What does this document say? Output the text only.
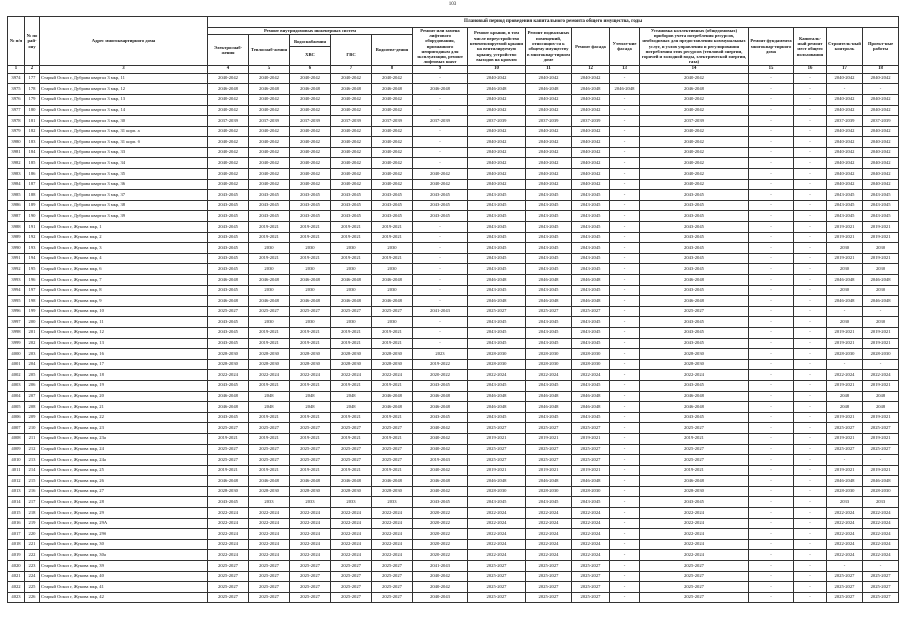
103
№ п/п	№ по рай-ону	Адрес многоквартирного дома	Плановый период проведения капитального ремонта общего имущества, годы														
			Ремонт внутридомовых инженерных систем					Ремонт или замена лифтового оборудования, признанного непригодным для эксплуатации, ремонт лифтовых шахт	Ремонт крыши, в том числе переустройство невентилируемой крыши на вентилируемую крышу, устройство выходов на кровлю	Ремонт подвальных помещений, относящих-ся к общему имуществу в многоквар-тирном доме	Ремонт фасада	Утепле-ние фасада	Установка коллективных (общедомовых) приборов учета потребления ресурсов, необходимых для предоставления коммунальных услуг, и узлов управления и регулирования потребления этих ресурсов (тепловой энергии, горячей и холодной воды, электрической энергии, газа)	Ремонт фундамента многоквар-тирного дома	Капиталь-ный ремонт мест общего пользования	Строитель-ный контроль	Проект-ные работы
			Электроснаб-жения	Теплоснаб-жения	Водоснабжения
ХВС	ГВС	Водоотве-дения										
1	2	3	4	5	6	7	8	9	10	11	12	13	14	15	16	17	18
3974	177	Старый Оскол г, Дубрава квартал 3 мкр, 11	2040-2042	2040-2042	2040-2042	2040-2042	2040-2042	-	2040-2042	2040-2042	2040-2042	-	2040-2042	-	-	2040-2042	2040-2042
3975	178	Старый Оскол г, Дубрава квартал 3 мкр, 12	2046-2048	2046-2048	2046-2048	2046-2048	2046-2048	2046-2048	2046-2048	2046-2048	2046-2048	2046-2048	2046-2048	-	-	-	-
3976	179	Старый Оскол г, Дубрава квартал 3 мкр, 13	2040-2042	2040-2042	2040-2042	2040-2042	2040-2042	-	2040-2042	2040-2042	2040-2042	-	2040-2042	-	-	2040-2042	2040-2042
3977	180	Старый Оскол г, Дубрава квартал 3 мкр, 14	2040-2042	2040-2042	2040-2042	2040-2042	2040-2042	-	2040-2042	2040-2042	2040-2042	-	2040-2042	-	-	2040-2042	2040-2042
3978	181	Старый Оскол г, Дубрава квартал 3 мкр, 30	2037-2039	2037-2039	2037-2039	2037-2039	2037-2039	2037-2039	2037-2039	2037-2039	2037-2039	-	2037-2039	-	-	2037-2039	2037-2039
3979	182	Старый Оскол г, Дубрава квартал 3 мкр, 31 корп. а	2040-2042	2040-2042	2040-2042	2040-2042	2040-2042	-	2040-2042	2040-2042	2040-2042	-	2040-2042	-	-	2040-2042	2040-2042
3980	183	Старый Оскол г, Дубрава квартал 3 мкр, 31 корп. б	2040-2042	2040-2042	2040-2042	2040-2042	2040-2042	-	2040-2042	2040-2042	2040-2042	-	2040-2042	-	-	2040-2042	2040-2042
3981	184	Старый Оскол г, Дубрава квартал 3 мкр, 33	2040-2042	2040-2042	2040-2042	2040-2042	2040-2042	-	2040-2042	2040-2042	2040-2042	-	2040-2042	-	-	2040-2042	2040-2042
3982	185	Старый Оскол г, Дубрава квартал 3 мкр, 34	2040-2042	2040-2042	2040-2042	2040-2042	2040-2042	-	2040-2042	2040-2042	2040-2042	-	2040-2042	-	-	2040-2042	2040-2042
3983	186	Старый Оскол г, Дубрава квартал 3 мкр, 35	2040-2042	2040-2042	2040-2042	2040-2042	2040-2042	2040-2042	2040-2042	2040-2042	2040-2042	-	2040-2042	-	-	2040-2042	2040-2042
3984	187	Старый Оскол г, Дубрава квартал 3 мкр, 36	2040-2042	2040-2042	2040-2042	2040-2042	2040-2042	2040-2042	2040-2042	2040-2042	2040-2042	-	2040-2042	-	-	2040-2042	2040-2042
3985	188	Старый Оскол г, Дубрава квартал 3 мкр, 37	2043-2045	2043-2045	2043-2045	2043-2045	2043-2045	2043-2045	2043-2045	2043-2045	2043-2045	-	2043-2045	-	-	2043-2045	2043-2045
3986	189	Старый Оскол г, Дубрава квартал 3 мкр, 38	2043-2045	2043-2045	2043-2045	2043-2045	2043-2045	2043-2045	2043-2045	2043-2045	2043-2045	-	2043-2045	-	-	2043-2045	2043-2045
3987	190	Старый Оскол г, Дубрава квартал 3 мкр, 39	2043-2045	2043-2045	2043-2045	2043-2045	2043-2045	2043-2045	2043-2045	2043-2045	2043-2045	-	2043-2045	-	-	2043-2045	2043-2045
3988	191	Старый Оскол г, Жукова мкр, 1	2043-2045	2019-2021	2019-2021	2019-2021	2019-2021	-	2043-2045	2043-2045	2043-2045	-	2043-2045	-	-	2019-2021	2019-2021
3989	192	Старый Оскол г, Жукова мкр, 2	2043-2045	2019-2021	2019-2021	2019-2021	2019-2021	-	2043-2045	2043-2045	2043-2045	-	2043-2045	-	-	2019-2021	2019-2021
3990	193	Старый Оскол г, Жукова мкр, 3	2043-2045	2030	2030	2030	2030	-	2043-2045	2043-2045	2043-2045	-	2043-2045	-	-	2030	2030
3991	194	Старый Оскол г, Жукова мкр, 4	2043-2045	2019-2021	2019-2021	2019-2021	2019-2021	-	2043-2045	2043-2045	2043-2045	-	2043-2045	-	-	2019-2021	2019-2021
3992	195	Старый Оскол г, Жукова мкр, 6	2043-2045	2030	2030	2030	2030	-	2043-2045	2043-2045	2043-2045	-	2043-2045	-	-	2030	2030
3993	196	Старый Оскол г, Жукова мкр, 7	2046-2048	2046-2048	2046-2048	2046-2048	2046-2048	-	2046-2048	2046-2048	2046-2048	-	2046-2048	-	-	2046-2048	2046-2048
3994	197	Старый Оскол г, Жукова мкр, 8	2043-2045	2030	2030	2030	2030	-	2043-2045	2043-2045	2043-2045	-	2043-2045	-	-	2030	2030
3995	198	Старый Оскол г, Жукова мкр, 9	2046-2048	2046-2048	2046-2048	2046-2048	2046-2048	-	2046-2048	2046-2048	2046-2048	-	2046-2048	-	-	2046-2048	2046-2048
3996	199	Старый Оскол г, Жукова мкр, 10	2025-2027	2025-2027	2025-2027	2025-2027	2025-2027	2041-2043	2025-2027	2025-2027	2025-2027	-	2025-2027	-	-	-	-
3997	200	Старый Оскол г, Жукова мкр, 11	2043-2045	2030	2030	2030	2030	-	2043-2045	2043-2045	2043-2045	-	2043-2045	-	-	2030	2030
3998	201	Старый Оскол г, Жукова мкр, 12	2043-2045	2019-2021	2019-2021	2019-2021	2019-2021	-	2043-2045	2043-2045	2043-2045	-	2043-2045	-	-	2019-2021	2019-2021
3999	202	Старый Оскол г, Жукова мкр, 13	2043-2045	2019-2021	2019-2021	2019-2021	2019-2021	-	2043-2045	2043-2045	2043-2045	-	2043-2045	-	-	2019-2021	2019-2021
4000	203	Старый Оскол г, Жукова мкр, 16	2028-2030	2028-2030	2028-2030	2028-2030	2028-2030	2023	2028-2030	2028-2030	2028-2030	-	2028-2030	-	-	2028-2030	2028-2030
4001	204	Старый Оскол г, Жукова мкр, 17	2028-2030	2028-2030	2028-2030	2028-2030	2028-2030	2019-2022	2028-2030	2028-2030	2028-2030	-	2028-2030	-	-	-	-
4002	205	Старый Оскол г, Жукова мкр, 18	2022-2024	2022-2024	2022-2024	2022-2024	2022-2024	2020-2022	2022-2024	2022-2024	2022-2024	-	2022-2024	-	-	2022-2024	2022-2024
4003	206	Старый Оскол г, Жукова мкр, 19	2043-2045	2019-2021	2019-2021	2019-2021	2019-2021	2043-2045	2043-2045	2043-2045	2043-2045	-	2043-2045	-	-	2019-2021	2019-2021
4004	207	Старый Оскол г, Жукова мкр, 20	2046-2048	2048	2048	2048	2046-2048	2046-2048	2046-2048	2046-2048	2046-2048	-	2046-2048	-	-	2048	2048
4005	208	Старый Оскол г, Жукова мкр, 21	2046-2048	2048	2048	2048	2046-2048	2046-2048	2046-2048	2046-2048	2046-2048	-	2046-2048	-	-	2048	2048
4006	209	Старый Оскол г, Жукова мкр, 22	2043-2045	2019-2021	2019-2021	2019-2021	2019-2021	2043-2045	2043-2045	2043-2045	2043-2045	-	2043-2045	-	-	2019-2021	2019-2021
4007	210	Старый Оскол г, Жукова мкр, 23	2025-2027	2025-2027	2025-2027	2025-2027	2025-2027	2040-2042	2025-2027	2025-2027	2025-2027	-	2025-2027	-	-	2025-2027	2025-2027
4008	211	Старый Оскол г, Жукова мкр, 23а	2019-2021	2019-2021	2019-2021	2019-2021	2019-2021	2040-2042	2019-2021	2019-2021	2019-2021	-	2019-2021	-	-	2019-2021	2019-2021
4009	212	Старый Оскол г, Жукова мкр, 24	2025-2027	2025-2027	2025-2027	2025-2027	2025-2027	2040-2042	2025-2027	2025-2027	2025-2027	-	2025-2027	-	-	2025-2027	2025-2027
4010	213	Старый Оскол г, Жукова мкр, 24а	2025-2027	2025-2027	2025-2027	2025-2027	2025-2027	2019-2043	2025-2027	2025-2027	2025-2027	-	2025-2027	-	-	-	-
4011	214	Старый Оскол г, Жукова мкр, 25	2019-2021	2019-2021	2019-2021	2019-2021	2019-2021	2040-2042	2019-2021	2019-2021	2019-2021	-	2019-2021	-	-	2019-2021	2019-2021
4012	215	Старый Оскол г, Жукова мкр, 26	2046-2048	2046-2048	2046-2048	2046-2048	2046-2048	2046-2048	2046-2048	2046-2048	2046-2048	-	2046-2048	-	-	2046-2048	2046-2048
4013	216	Старый Оскол г, Жукова мкр, 27	2028-2030	2028-2030	2028-2030	2028-2030	2028-2030	2040-2042	2028-2030	2028-2030	2028-2030	-	2028-2030	-	-	2028-2030	2028-2030
4014	217	Старый Оскол г, Жукова мкр, 28	2043-2045	2033	2033	2033	2033	2043-2045	2043-2045	2043-2045	2043-2045	-	2043-2045	-	-	2033	2033
4015	218	Старый Оскол г, Жукова мкр, 29	2022-2024	2022-2024	2022-2024	2022-2024	2022-2024	2020-2022	2022-2024	2022-2024	2022-2024	-	2022-2024	-	-	2022-2024	2022-2024
4016	219	Старый Оскол г, Жукова мкр, 29А	2022-2024	2022-2024	2022-2024	2022-2024	2022-2024	2020-2022	2022-2024	2022-2024	2022-2024	-	2022-2024	-	-	2022-2024	2022-2024
4017	220	Старый Оскол г, Жукова мкр, 29б	2022-2024	2022-2024	2022-2024	2022-2024	2022-2024	2020-2022	2022-2024	2022-2024	2022-2024	-	2022-2024	-	-	2022-2024	2022-2024
4018	221	Старый Оскол г, Жукова мкр, 30	2022-2024	2022-2024	2022-2024	2022-2024	2022-2024	2020-2022	2022-2024	2022-2024	2022-2024	-	2022-2024	-	-	2022-2024	2022-2024
4019	222	Старый Оскол г, Жукова мкр, 30а	2022-2024	2022-2024	2022-2024	2022-2024	2022-2024	2020-2022	2022-2024	2022-2024	2022-2024	-	2022-2024	-	-	2022-2024	2022-2024
4020	223	Старый Оскол г, Жукова мкр, 39	2025-2027	2025-2027	2025-2027	2025-2027	2025-2027	2041-2043	2025-2027	2025-2027	2025-2027	-	2025-2027	-	-	-	-
4021	224	Старый Оскол г, Жукова мкр, 40	2025-2027	2025-2027	2025-2027	2025-2027	2025-2027	2040-2042	2025-2027	2025-2027	2025-2027	-	2025-2027	-	-	2025-2027	2025-2027
4022	225	Старый Оскол г, Жукова мкр, 41	2025-2027	2025-2027	2025-2027	2025-2027	2025-2027	2040-2042	2025-2027	2025-2027	2025-2027	-	2025-2027	-	-	2025-2027	2025-2027
4023	226	Старый Оскол г, Жукова мкр, 42	2025-2027	2025-2027	2025-2027	2025-2027	2025-2027	2040-2043	2025-2027	2025-2027	2025-2027	-	2025-2027	-	-	2025-2027	2025-2027
